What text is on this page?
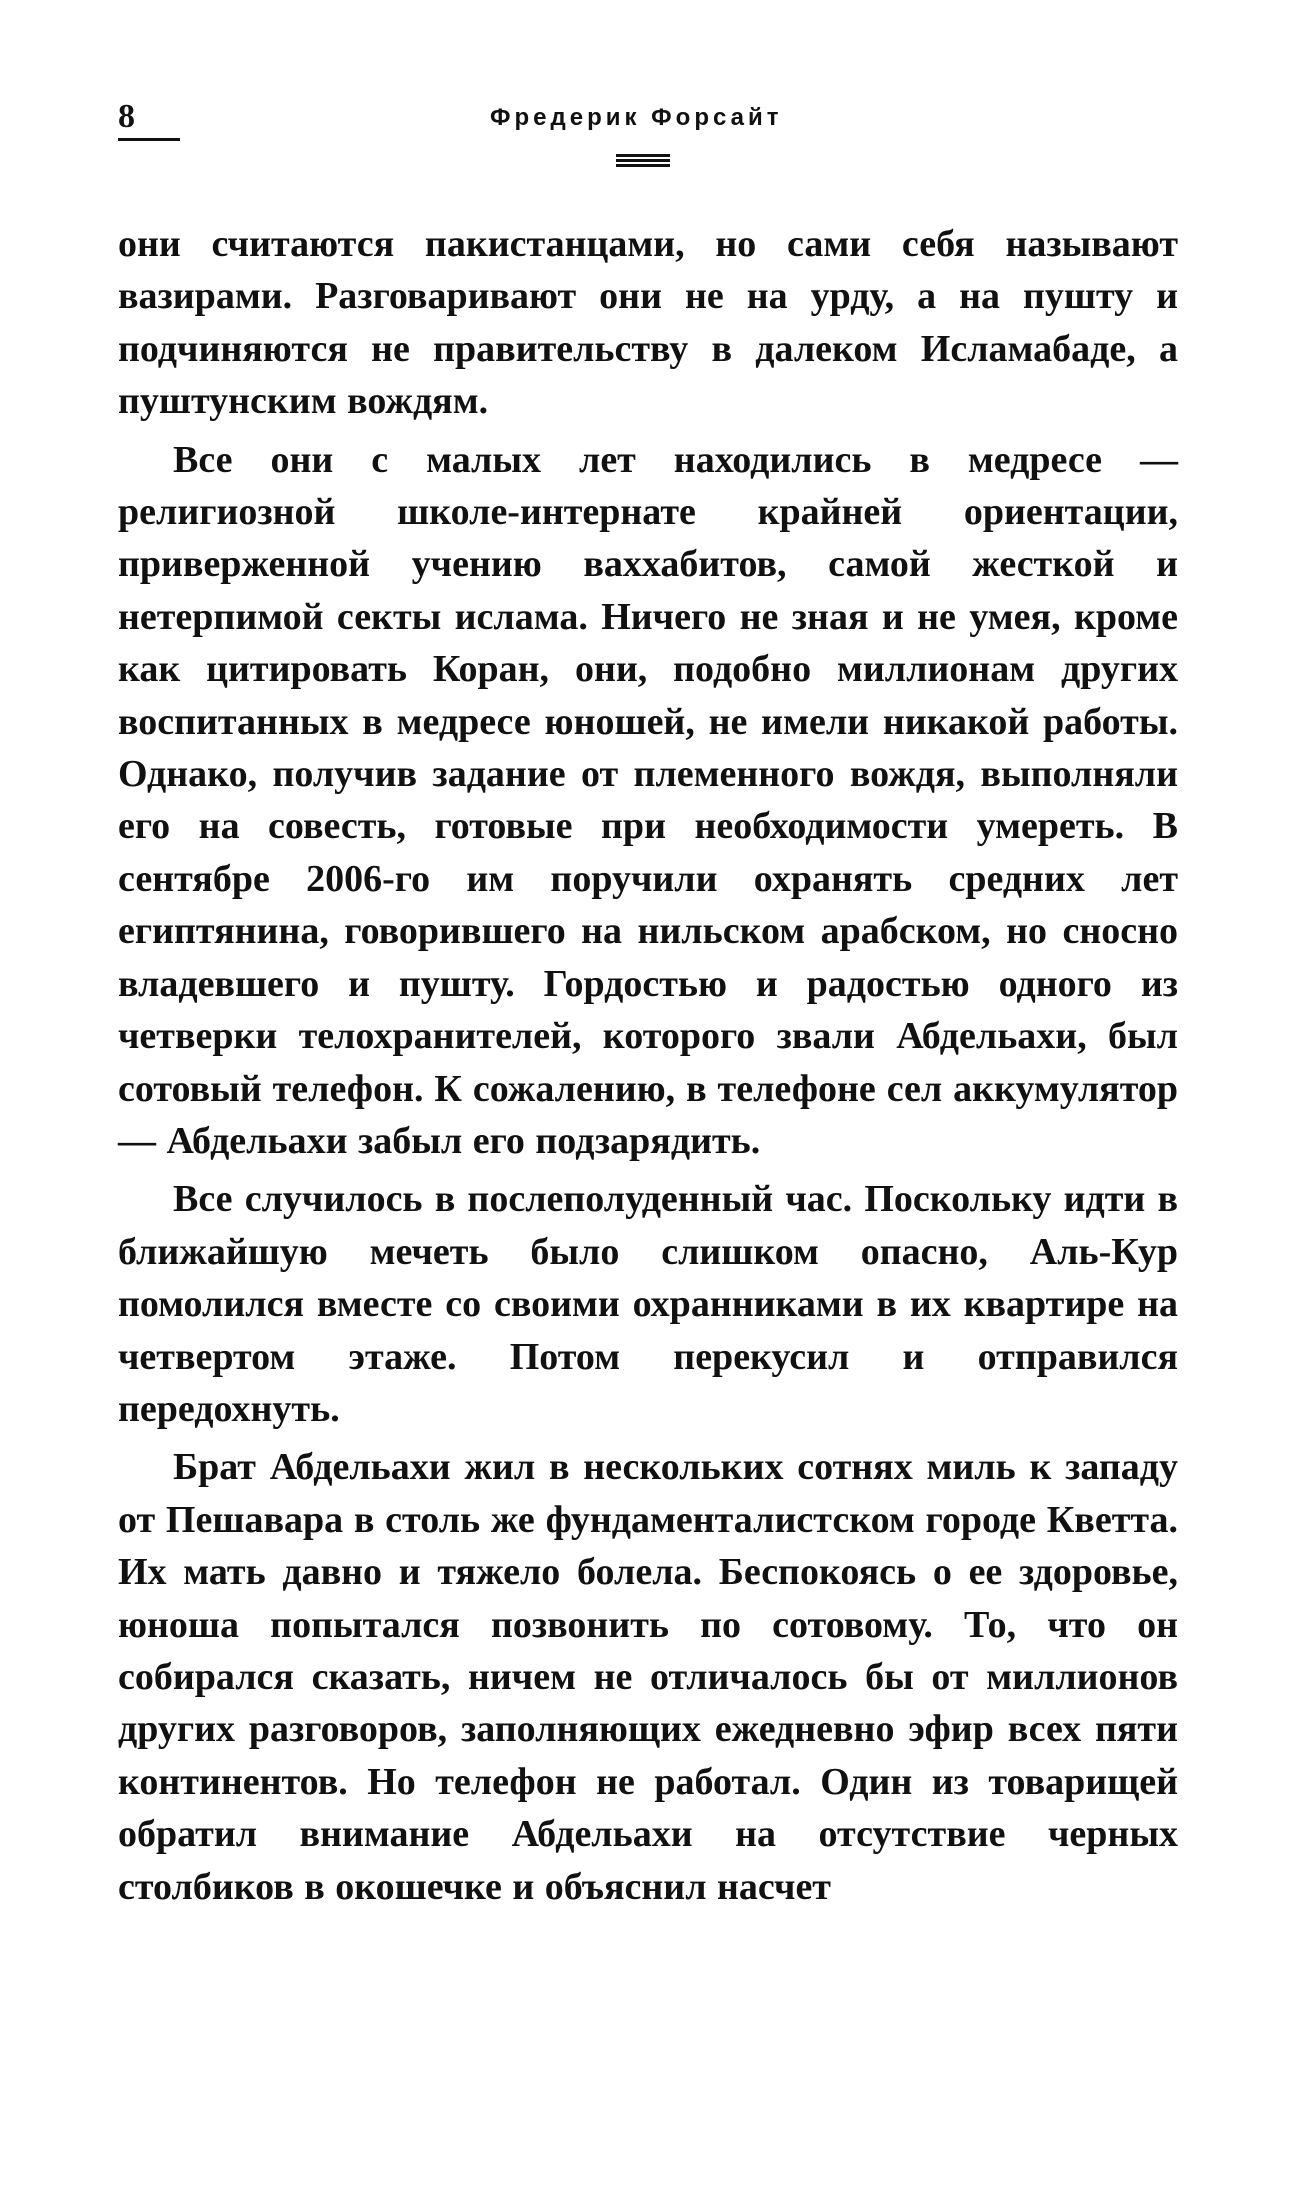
8	Фредерик Форсайт

они считаются пакистанцами, но сами себя называют вазирами. Разговаривают они не на урду, а на пушту и подчиняются не правительству в далеком Исламабаде, а пуштунским вождям.

Все они с малых лет находились в медресе — религиозной школе-интернате крайней ориентации, приверженной учению ваххабитов, самой жесткой и нетерпимой секты ислама. Ничего не зная и не умея, кроме как цитировать Коран, они, подобно миллионам других воспитанных в медресе юношей, не имели никакой работы. Однако, получив задание от племенного вождя, выполняли его на совесть, готовые при необходимости умереть. В сентябре 2006-го им поручили охранять средних лет египтянина, говорившего на нильском арабском, но сносно владевшего и пушту. Гордостью и радостью одного из четверки телохранителей, которого звали Абдельахи, был сотовый телефон. К сожалению, в телефоне сел аккумулятор — Абдельахи забыл его подзарядить.

Все случилось в послеполуденный час. Поскольку идти в ближайшую мечеть было слишком опасно, Аль-Кур помолился вместе со своими охранниками в их квартире на четвертом этаже. Потом перекусил и отправился передохнуть.

Брат Абдельахи жил в нескольких сотнях миль к западу от Пешавара в столь же фундаменталистском городе Кветта. Их мать давно и тяжело болела. Беспокоясь о ее здоровье, юноша попытался позвонить по сотовому. То, что он собирался сказать, ничем не отличалось бы от миллионов других разговоров, заполняющих ежедневно эфир всех пяти континентов. Но телефон не работал. Один из товарищей обратил внимание Абдельахи на отсутствие черных столбиков в окошечке и объяснил насчет
